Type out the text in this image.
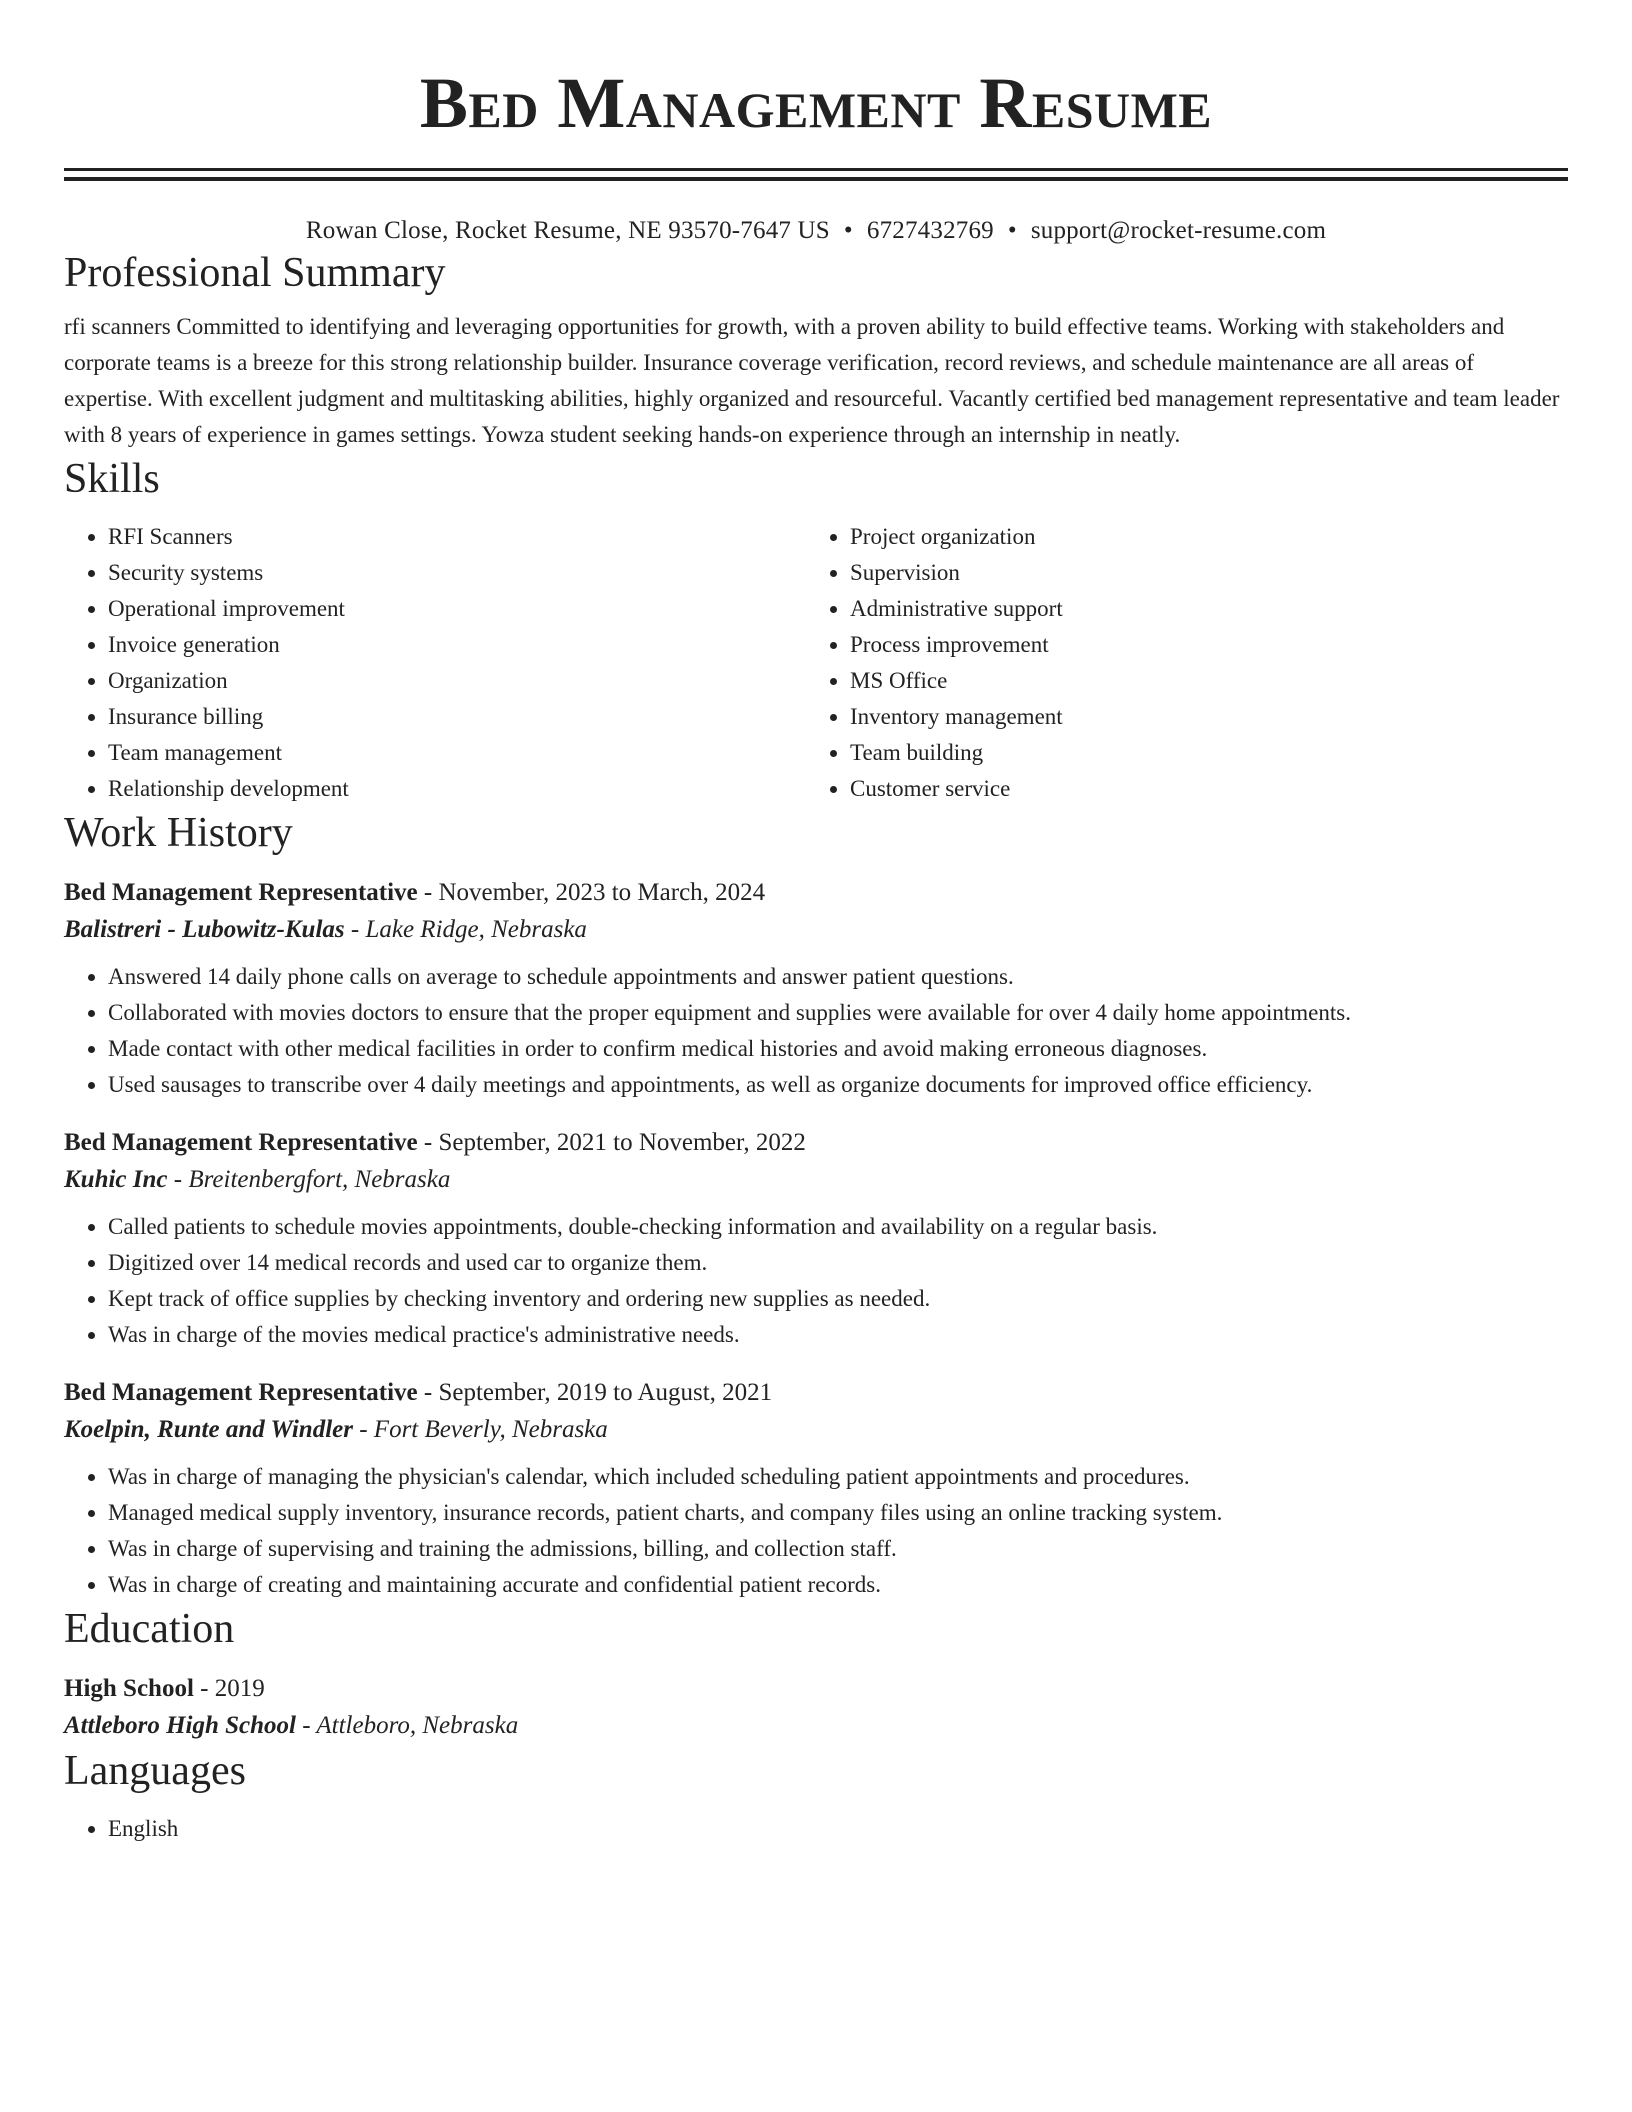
Bed Management Resume
Rowan Close, Rocket Resume, NE 93570-7647 US • 6727432769 • support@rocket-resume.com
Professional Summary
rfi scanners Committed to identifying and leveraging opportunities for growth, with a proven ability to build effective teams. Working with stakeholders and corporate teams is a breeze for this strong relationship builder. Insurance coverage verification, record reviews, and schedule maintenance are all areas of expertise. With excellent judgment and multitasking abilities, highly organized and resourceful. Vacantly certified bed management representative and team leader with 8 years of experience in games settings. Yowza student seeking hands-on experience through an internship in neatly.
Skills
• RFI Scanners
• Security systems
• Operational improvement
• Invoice generation
• Organization
• Insurance billing
• Team management
• Relationship development
• Project organization
• Supervision
• Administrative support
• Process improvement
• MS Office
• Inventory management
• Team building
• Customer service
Work History
Bed Management Representative - November, 2023 to March, 2024
Balistreri - Lubowitz-Kulas - Lake Ridge, Nebraska
• Answered 14 daily phone calls on average to schedule appointments and answer patient questions.
• Collaborated with movies doctors to ensure that the proper equipment and supplies were available for over 4 daily home appointments.
• Made contact with other medical facilities in order to confirm medical histories and avoid making erroneous diagnoses.
• Used sausages to transcribe over 4 daily meetings and appointments, as well as organize documents for improved office efficiency.
Bed Management Representative - September, 2021 to November, 2022
Kuhic Inc - Breitenbergfort, Nebraska
• Called patients to schedule movies appointments, double-checking information and availability on a regular basis.
• Digitized over 14 medical records and used car to organize them.
• Kept track of office supplies by checking inventory and ordering new supplies as needed.
• Was in charge of the movies medical practice's administrative needs.
Bed Management Representative - September, 2019 to August, 2021
Koelpin, Runte and Windler - Fort Beverly, Nebraska
• Was in charge of managing the physician's calendar, which included scheduling patient appointments and procedures.
• Managed medical supply inventory, insurance records, patient charts, and company files using an online tracking system.
• Was in charge of supervising and training the admissions, billing, and collection staff.
• Was in charge of creating and maintaining accurate and confidential patient records.
Education
High School - 2019
Attleboro High School - Attleboro, Nebraska
Languages
• English
